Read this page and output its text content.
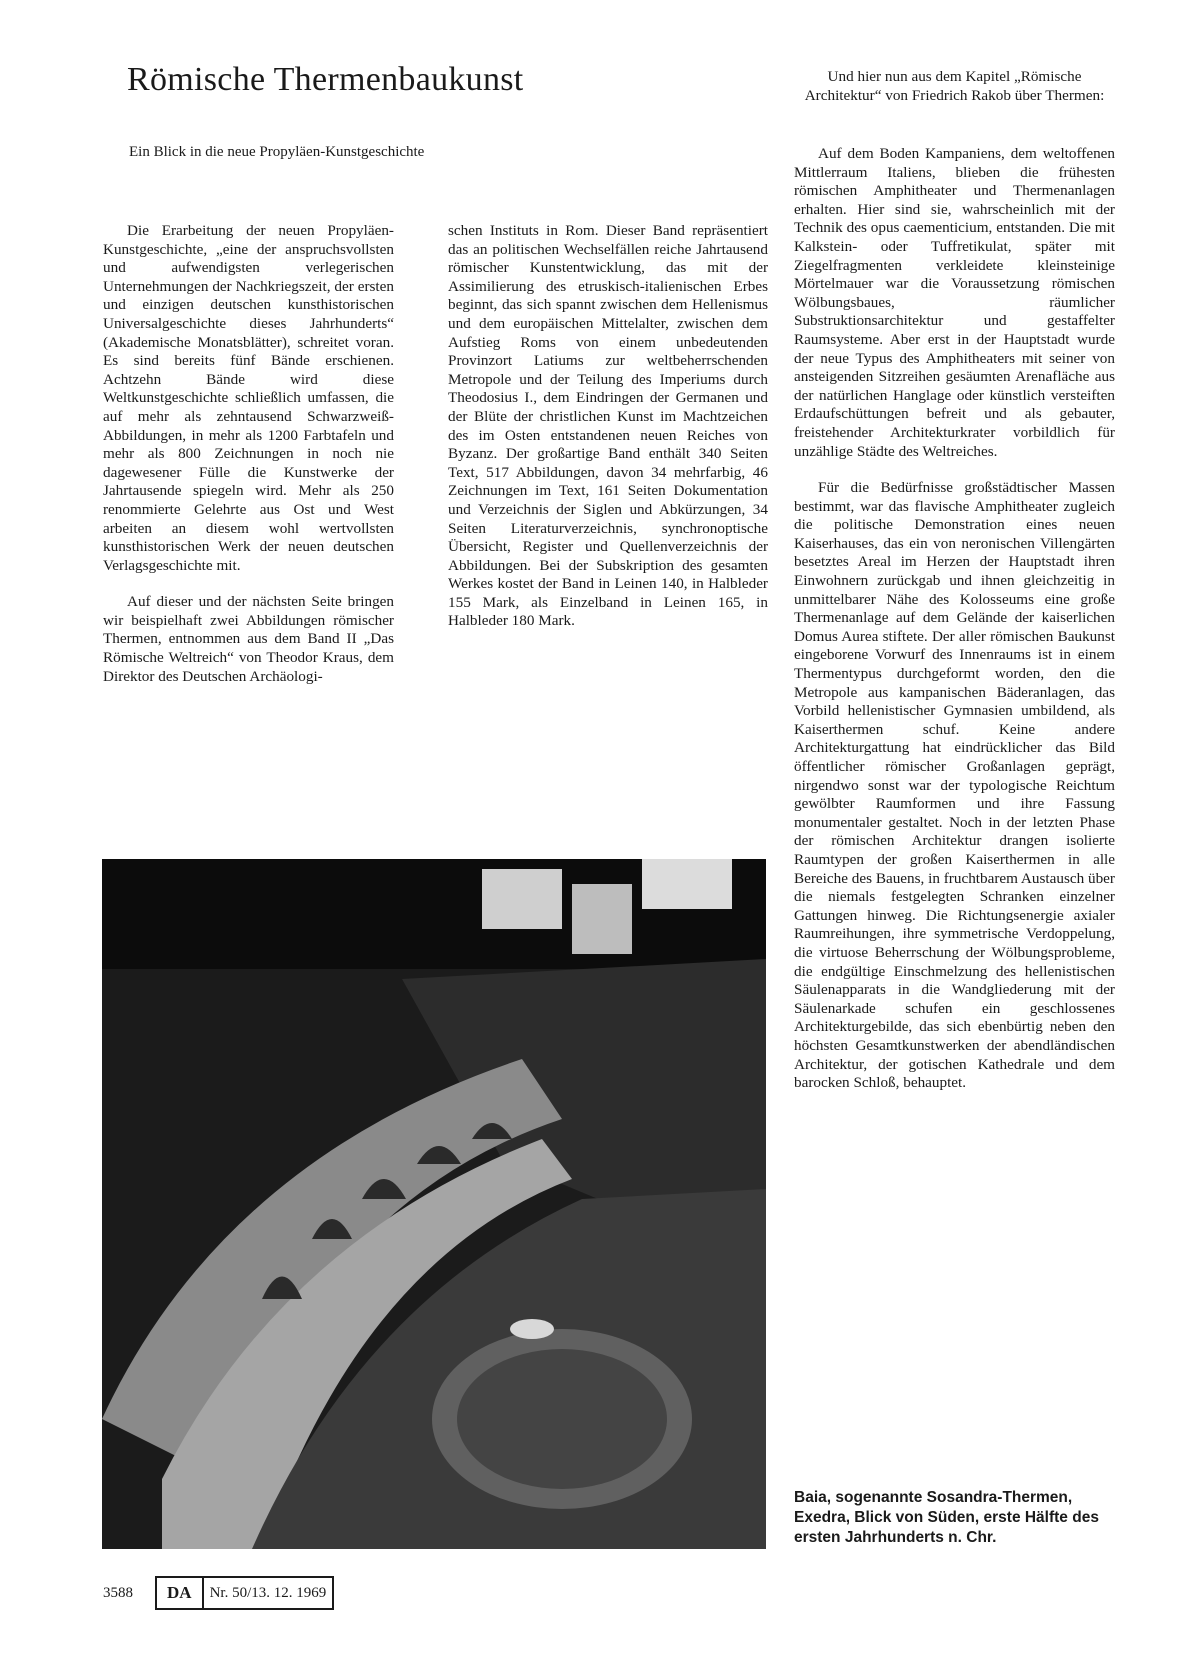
Römische Thermenbaukunst
Ein Blick in die neue Propyläen-Kunstgeschichte

Die Erarbeitung der neuen Propyläen-Kunstgeschichte, „eine der anspruchsvollsten und aufwendigsten verlegerischen Unternehmungen der Nachkriegszeit, der ersten und einzigen deutschen kunsthistorischen Universalgeschichte dieses Jahrhunderts“ (Akademische Monatsblätter), schreitet voran. Es sind bereits fünf Bände erschienen. Achtzehn Bände wird diese Weltkunstgeschichte schließlich umfassen, die auf mehr als zehntausend Schwarzweiß-Abbildungen, in mehr als 1200 Farbtafeln und mehr als 800 Zeichnungen in noch nie dagewesener Fülle die Kunstwerke der Jahrtausende spiegeln wird. Mehr als 250 renommierte Gelehrte aus Ost und West arbeiten an diesem wohl wertvollsten kunsthistorischen Werk der neuen deutschen Verlagsgeschichte mit.

Auf dieser und der nächsten Seite bringen wir beispielhaft zwei Abbildungen römischer Thermen, entnommen aus dem Band II „Das Römische Weltreich“ von Theodor Kraus, dem Direktor des Deutschen Archäologi-

schen Instituts in Rom. Dieser Band repräsentiert das an politischen Wechselfällen reiche Jahrtausend römischer Kunstentwicklung, das mit der Assimilierung des etruskisch-italienischen Erbes beginnt, das sich spannt zwischen dem Hellenismus und dem europäischen Mittelalter, zwischen dem Aufstieg Roms von einem unbedeutenden Provinzort Latiums zur weltbeherrschenden Metropole und der Teilung des Imperiums durch Theodosius I., dem Eindringen der Germanen und der Blüte der christlichen Kunst im Machtzeichen des im Osten entstandenen neuen Reiches von Byzanz. Der großartige Band enthält 340 Seiten Text, 517 Abbildungen, davon 34 mehrfarbig, 46 Zeichnungen im Text, 161 Seiten Dokumentation und Verzeichnis der Siglen und Abkürzungen, 34 Seiten Literaturverzeichnis, synchronoptische Übersicht, Register und Quellenverzeichnis der Abbildungen. Bei der Subskription des gesamten Werkes kostet der Band in Leinen 140, in Halbleder 155 Mark, als Einzelband in Leinen 165, in Halbleder 180 Mark.

Und hier nun aus dem Kapitel „Römische Architektur“ von Friedrich Rakob über Thermen:

Auf dem Boden Kampaniens, dem weltoffenen Mittlerraum Italiens, blieben die frühesten römischen Amphitheater und Thermenanlagen erhalten. Hier sind sie, wahrscheinlich mit der Technik des opus caementicium, entstanden. Die mit Kalkstein- oder Tuffretikulat, später mit Ziegelfragmenten verkleidete kleinsteinige Mörtelmauer war die Voraussetzung römischen Wölbungsbaues, räumlicher Substruktionsarchitektur und gestaffelter Raumsysteme. Aber erst in der Hauptstadt wurde der neue Typus des Amphitheaters mit seiner von ansteigenden Sitzreihen gesäumten Arenafläche aus der natürlichen Hanglage oder künstlich versteiften Erdaufschüttungen befreit und als gebauter, freistehender Architekturkrater vorbildlich für unzählige Städte des Weltreiches.

Für die Bedürfnisse großstädtischer Massen bestimmt, war das flavische Amphitheater zugleich die politische Demonstration eines neuen Kaiserhauses, das ein von neronischen Villengärten besetztes Areal im Herzen der Hauptstadt ihren Einwohnern zurückgab und ihnen gleichzeitig in unmittelbarer Nähe des Kolosseums eine große Thermenanlage auf dem Gelände der kaiserlichen Domus Aurea stiftete. Der aller römischen Baukunst eingeborene Vorwurf des Innenraums ist in einem Thermentypus durchgeformt worden, den die Metropole aus kampanischen Bäderanlagen, das Vorbild hellenistischer Gymnasien umbildend, als Kaiserthermen schuf. Keine andere Architekturgattung hat eindrücklicher das Bild öffentlicher römischer Großanlagen geprägt, nirgendwo sonst war der typologische Reichtum gewölbter Raumformen und ihre Fassung monumentaler gestaltet. Noch in der letzten Phase der römischen Architektur drangen isolierte Raumtypen der großen Kaiserthermen in alle Bereiche des Bauens, in fruchtbarem Austausch über die niemals festgelegten Schranken einzelner Gattungen hinweg. Die Richtungsenergie axialer Raumreihungen, ihre symmetrische Verdoppelung, die virtuose Beherrschung der Wölbungsprobleme, die endgültige Einschmelzung des hellenistischen Säulenapparats in die Wandgliederung mit der Säulenarkade schufen ein geschlossenes Architekturgebilde, das sich ebenbürtig neben den höchsten Gesamtkunstwerken der abendländischen Architektur, der gotischen Kathedrale und dem barocken Schloß, behauptet.

Baia, sogenannte Sosandra-Thermen, Exedra, Blick von Süden, erste Hälfte des ersten Jahrhunderts n. Chr.
3588	DA	Nr. 50/13. 12. 1969
